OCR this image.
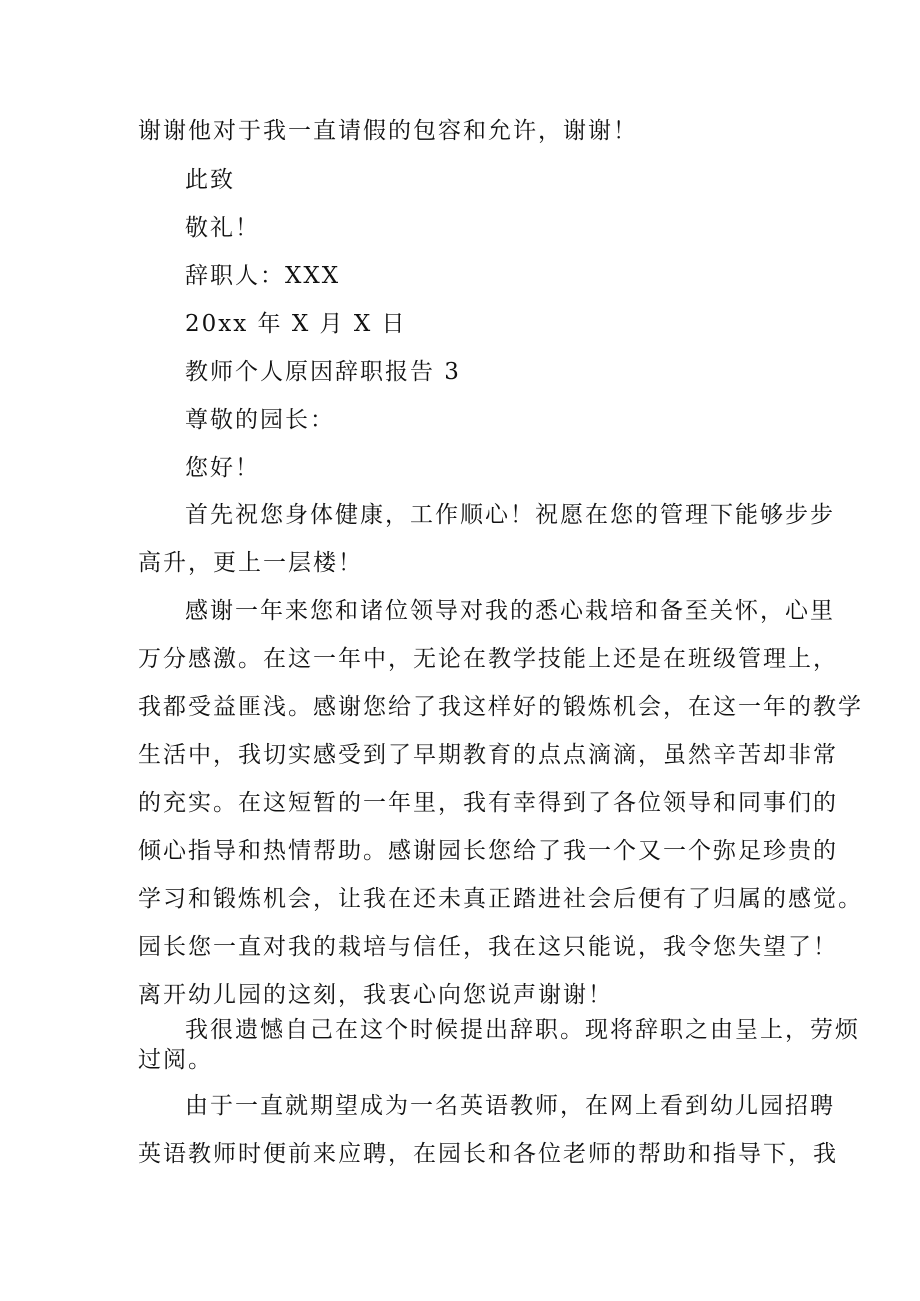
谢谢他对于我一直请假的包容和允许，谢谢！
此致
敬礼！
辞职人：XXX
20xx 年 X 月 X 日
教师个人原因辞职报告 3
尊敬的园长：
您好！
首先祝您身体健康，工作顺心！祝愿在您的管理下能够步步
高升，更上一层楼！
感谢一年来您和诸位领导对我的悉心栽培和备至关怀，心里
万分感激。在这一年中，无论在教学技能上还是在班级管理上，
我都受益匪浅。感谢您给了我这样好的锻炼机会，在这一年的教学
生活中，我切实感受到了早期教育的点点滴滴，虽然辛苦却非常
的充实。在这短暂的一年里，我有幸得到了各位领导和同事们的
倾心指导和热情帮助。感谢园长您给了我一个又一个弥足珍贵的
学习和锻炼机会，让我在还未真正踏进社会后便有了归属的感觉。
园长您一直对我的栽培与信任，我在这只能说，我令您失望了！
离开幼儿园的这刻，我衷心向您说声谢谢！
我很遗憾自己在这个时候提出辞职。现将辞职之由呈上，劳烦
过阅。
由于一直就期望成为一名英语教师，在网上看到幼儿园招聘
英语教师时便前来应聘，在园长和各位老师的帮助和指导下，我
